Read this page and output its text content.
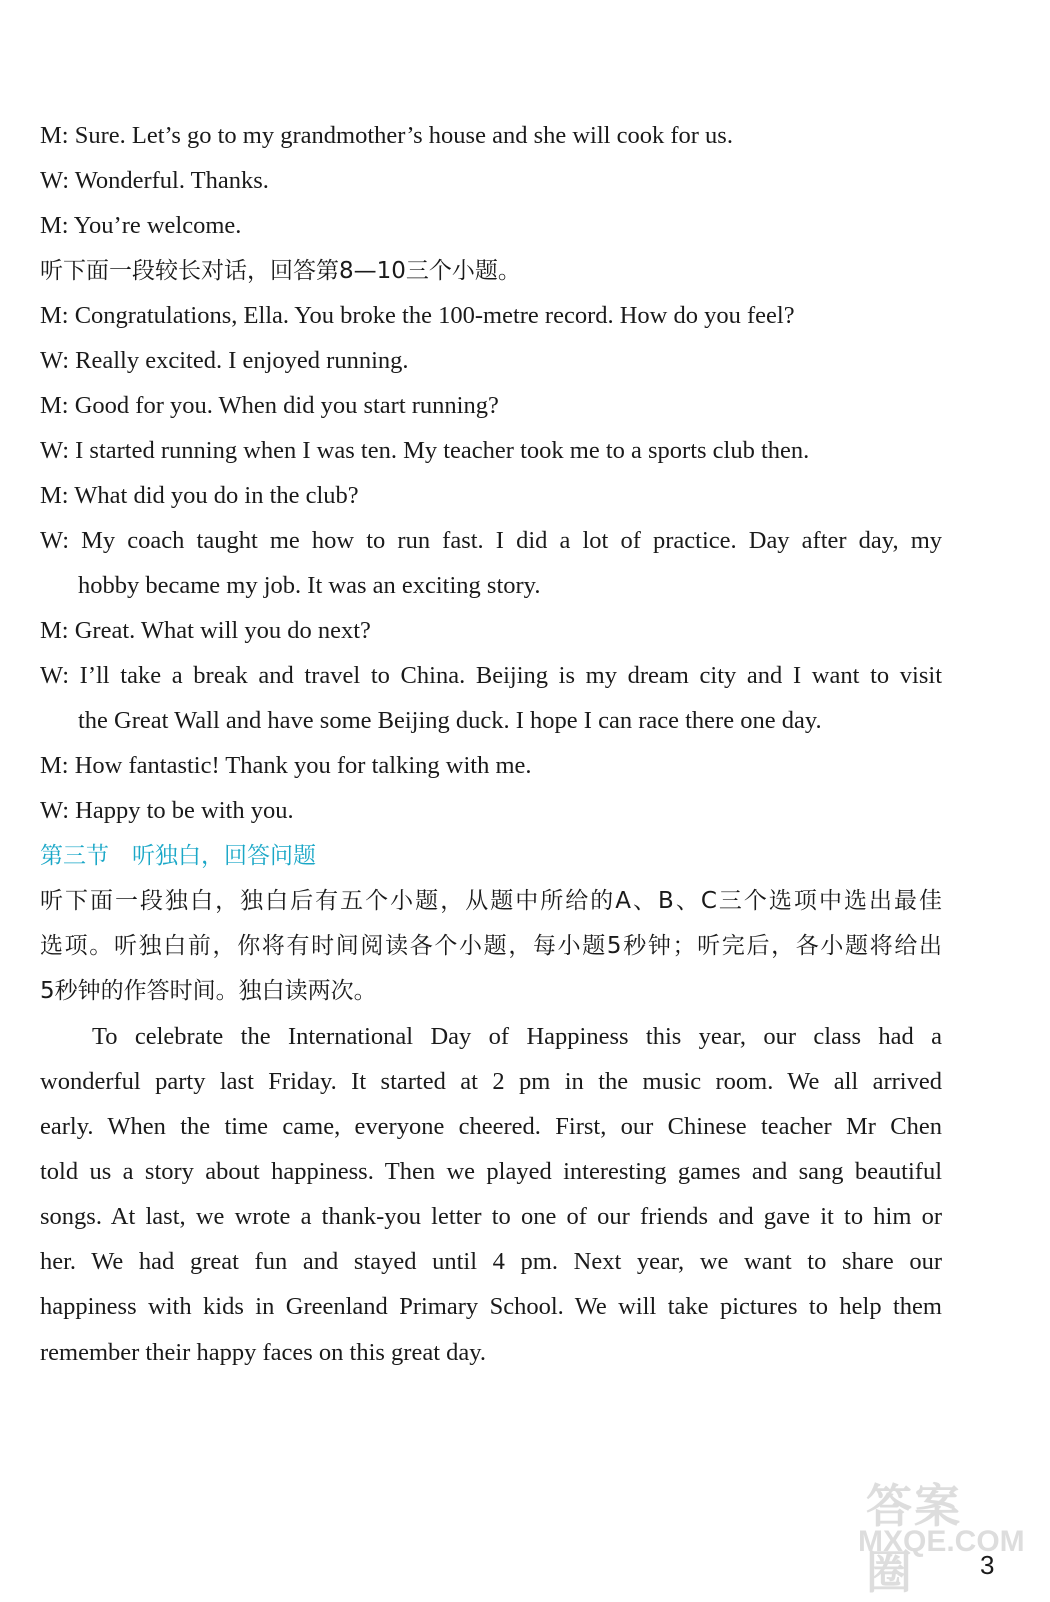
M: Sure. Let’s go to my grandmother’s house and she will cook for us.
W: Wonderful. Thanks.
M: You’re welcome.
听下面一段较长对话，回答第8—10三个小题。
M: Congratulations, Ella. You broke the 100-metre record. How do you feel?
W: Really excited. I enjoyed running.
M: Good for you. When did you start running?
W: I started running when I was ten. My teacher took me to a sports club then.
M: What did you do in the club?
W: My coach taught me how to run fast. I did a lot of practice. Day after day, my
hobby became my job. It was an exciting story.
M: Great. What will you do next?
W: I’ll take a break and travel to China. Beijing is my dream city and I want to visit
the Great Wall and have some Beijing duck. I hope I can race there one day.
M: How fantastic! Thank you for talking with me.
W: Happy to be with you.
第三节　听独白，回答问题
听下面一段独白，独白后有五个小题，从题中所给的A、B、C三个选项中选出最佳
选项。听独白前，你将有时间阅读各个小题，每小题5秒钟；听完后，各小题将给出
5秒钟的作答时间。独白读两次。
To celebrate the International Day of Happiness this year, our class had a
wonderful party last Friday. It started at 2 pm in the music room. We all arrived
early. When the time came, everyone cheered. First, our Chinese teacher Mr Chen
told us a story about happiness. Then we played interesting games and sang beautiful
songs. At last, we wrote a thank-you letter to one of our friends and gave it to him or
her. We had great fun and stayed until 4 pm. Next year, we want to share our
happiness with kids in Greenland Primary School. We will take pictures to help them
remember their happy faces on this great day.
答案圈
MXQE.COM
3
